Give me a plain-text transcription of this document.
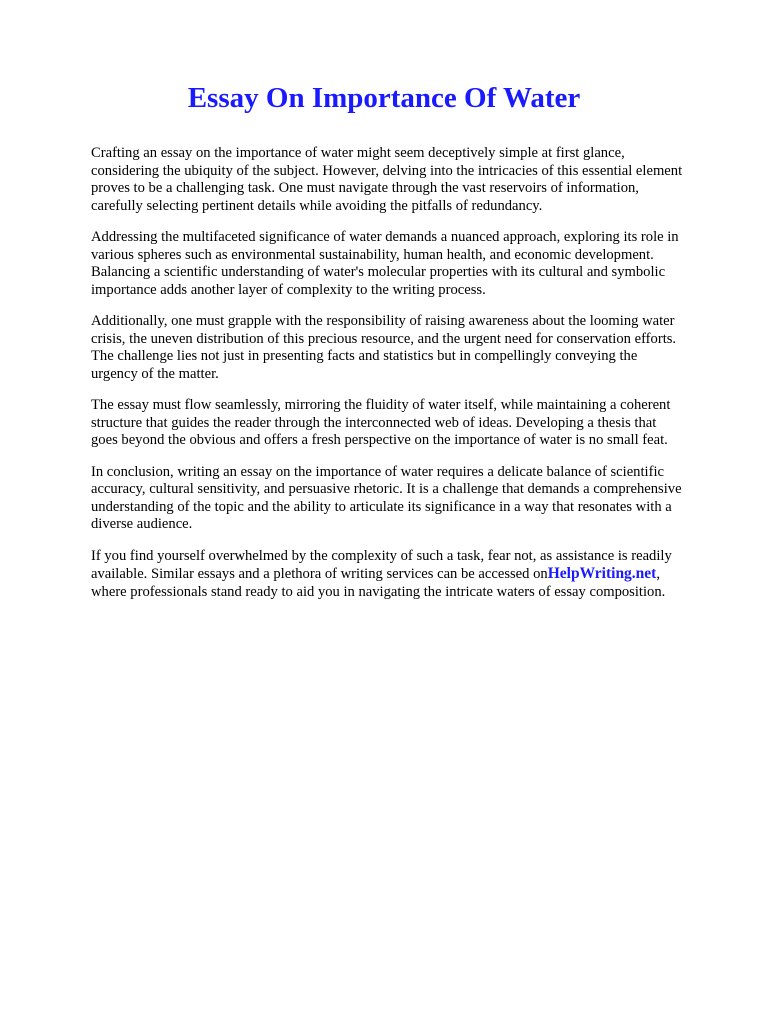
Essay On Importance Of Water

Crafting an essay on the importance of water might seem deceptively simple at first glance,
considering the ubiquity of the subject. However, delving into the intricacies of this essential element
proves to be a challenging task. One must navigate through the vast reservoirs of information,
carefully selecting pertinent details while avoiding the pitfalls of redundancy.

Addressing the multifaceted significance of water demands a nuanced approach, exploring its role in
various spheres such as environmental sustainability, human health, and economic development.
Balancing a scientific understanding of water's molecular properties with its cultural and symbolic
importance adds another layer of complexity to the writing process.

Additionally, one must grapple with the responsibility of raising awareness about the looming water
crisis, the uneven distribution of this precious resource, and the urgent need for conservation efforts.
The challenge lies not just in presenting facts and statistics but in compellingly conveying the
urgency of the matter.

The essay must flow seamlessly, mirroring the fluidity of water itself, while maintaining a coherent
structure that guides the reader through the interconnected web of ideas. Developing a thesis that
goes beyond the obvious and offers a fresh perspective on the importance of water is no small feat.

In conclusion, writing an essay on the importance of water requires a delicate balance of scientific
accuracy, cultural sensitivity, and persuasive rhetoric. It is a challenge that demands a comprehensive
understanding of the topic and the ability to articulate its significance in a way that resonates with a
diverse audience.

If you find yourself overwhelmed by the complexity of such a task, fear not, as assistance is readily
available. Similar essays and a plethora of writing services can be accessed onHelpWriting.net,
where professionals stand ready to aid you in navigating the intricate waters of essay composition.
